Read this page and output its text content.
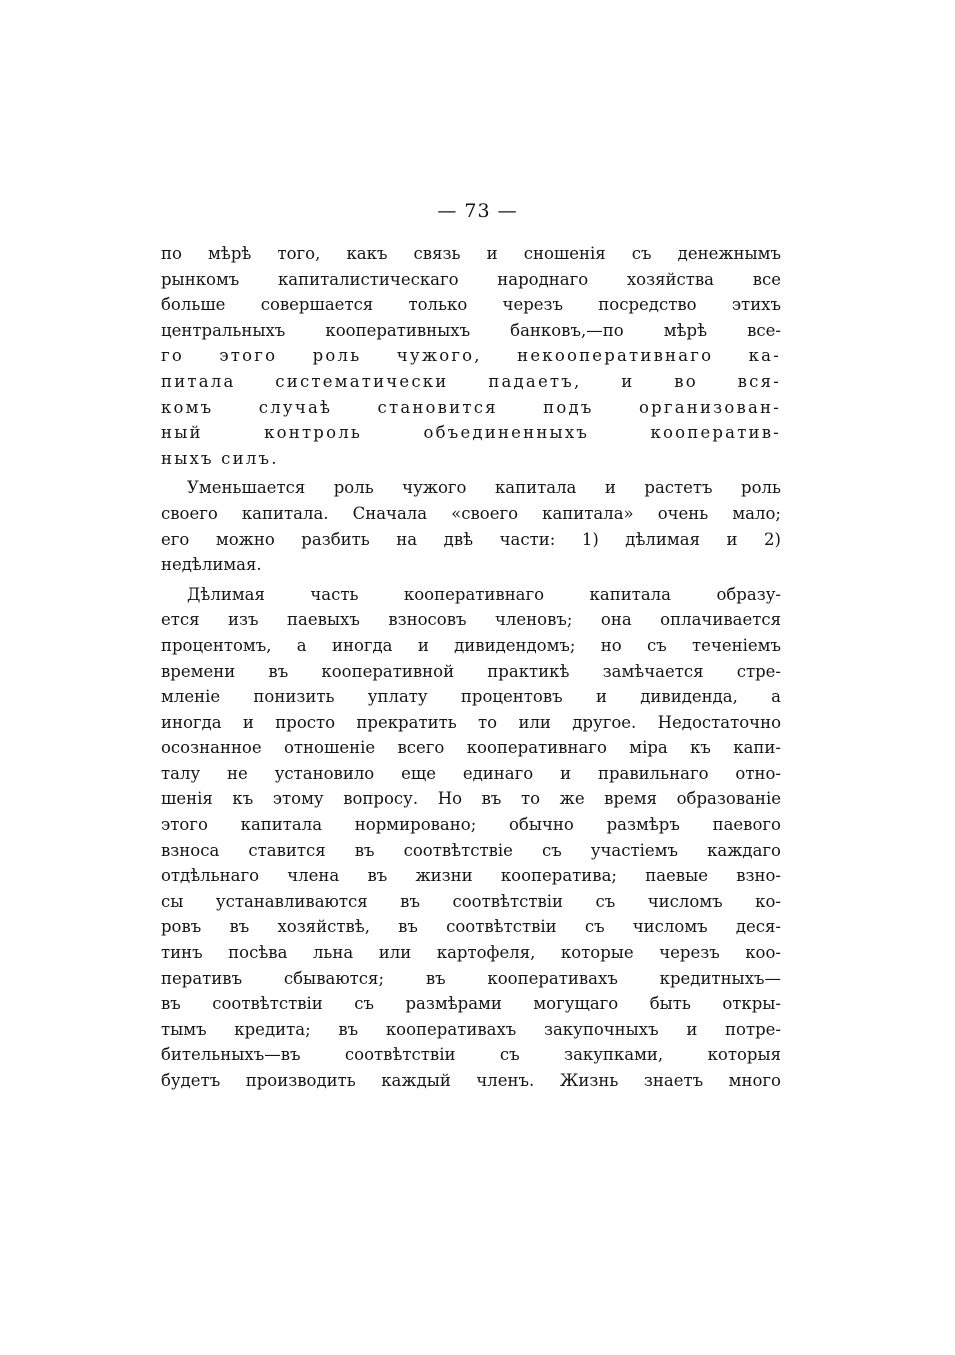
— 73 —
по мѣрѣ того, какъ связь и сношенія съ денежнымъ
рынкомъ капиталистическаго народнаго хозяйства все
больше совершается только черезъ посредство этихъ
центральныхъ кооперативныхъ банковъ,—по мѣрѣ все-
го этого роль чужого, некооперативнаго ка-
питала систематически падаетъ, и во вся-
комъ случаѣ становится подъ организован-
ный контроль объединенныхъ кооператив-
ныхъ силъ.
Уменьшается роль чужого капитала и растетъ роль
своего капитала. Сначала «своего капитала» очень мало;
его можно разбить на двѣ части: 1) дѣлимая и 2)
недѣлимая.
Дѣлимая часть кооперативнаго капитала образу-
ется изъ паевыхъ взносовъ членовъ; она оплачивается
процентомъ, а иногда и дивидендомъ; но съ теченіемъ
времени въ кооперативной практикѣ замѣчается стре-
мленіе понизить уплату процентовъ и дивиденда, а
иногда и просто прекратить то или другое. Недостаточно
осознанное отношеніе всего кооперативнаго міра къ капи-
талу не установило еще единаго и правильнаго отно-
шенія къ этому вопросу. Но въ то же время образованіе
этого капитала нормировано; обычно размѣръ паевого
взноса ставится въ соотвѣтствіе съ участіемъ каждаго
отдѣльнаго члена въ жизни кооператива; паевые взно-
сы устанавливаются въ соотвѣтствіи съ числомъ ко-
ровъ въ хозяйствѣ, въ соотвѣтствіи съ числомъ деся-
тинъ посѣва льна или картофеля, которые черезъ коо-
перативъ сбываются; въ кооперативахъ кредитныхъ—
въ соотвѣтствіи съ размѣрами могущаго быть откры-
тымъ кредита; въ кооперативахъ закупочныхъ и потре-
бительныхъ—въ соотвѣтствіи съ закупками, которыя
будетъ производить каждый членъ. Жизнь знаетъ много
